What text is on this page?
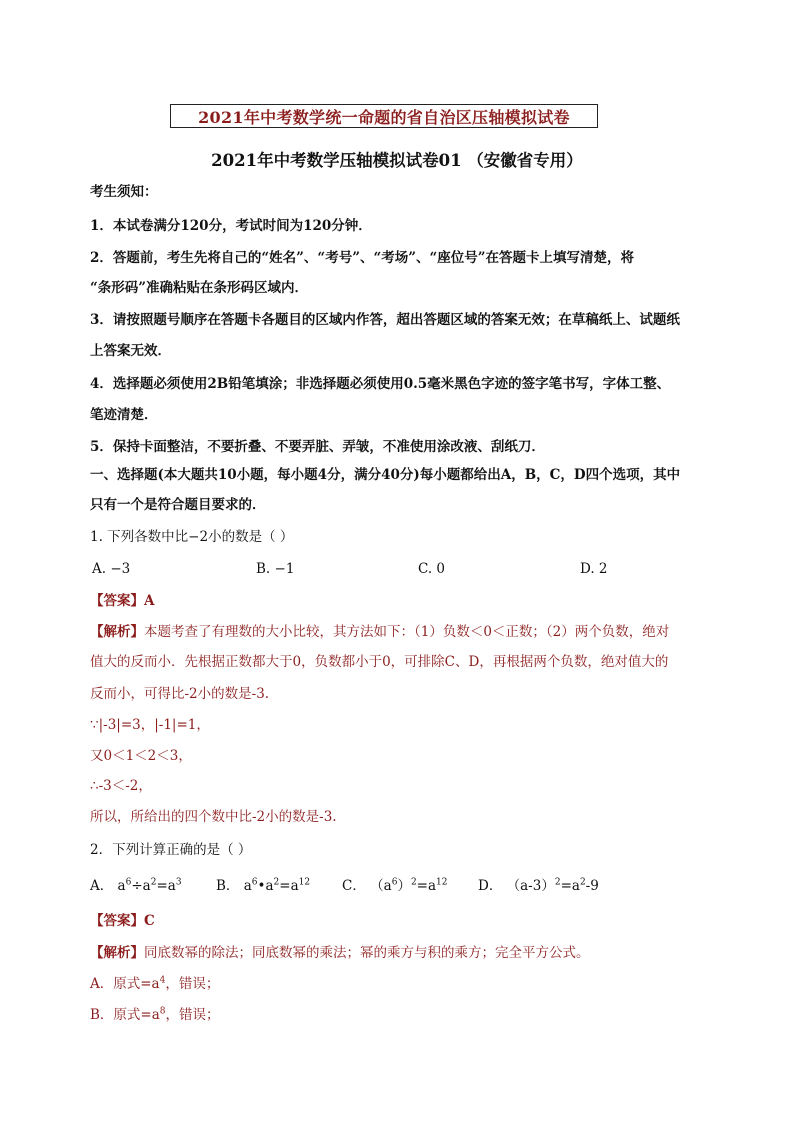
2021年中考数学统一命题的省自治区压轴模拟试卷
2021年中考数学压轴模拟试卷01 （安徽省专用）
考生须知：
1．本试卷满分120分，考试时间为120分钟．
2．答题前，考生先将自己的“姓名”、“考号”、“考场”、“座位号”在答题卡上填写清楚，将
“条形码”准确粘贴在条形码区域内．
3．请按照题号顺序在答题卡各题目的区域内作答，超出答题区域的答案无效；在草稿纸上、试题纸
上答案无效．
4．选择题必须使用2B铅笔填涂；非选择题必须使用0.5毫米黑色字迹的签字笔书写，字体工整、
笔迹清楚．
5．保持卡面整洁，不要折叠、不要弄脏、弄皱，不准使用涂改液、刮纸刀．
一、选择题(本大题共10小题，每小题4分，满分40分)每小题都给出A，B，C，D四个选项，其中
只有一个是符合题目要求的．
1. 下列各数中比−2小的数是（ ）
A. −3	B. −1	C. 0	D. 2
【答案】A
【解析】本题考查了有理数的大小比较，其方法如下：（1）负数＜0＜正数；（2）两个负数，绝对
值大的反而小．先根据正数都大于0，负数都小于0，可排除C、D，再根据两个负数，绝对值大的
反而小，可得比-2小的数是-3.
∵|-3|=3，|-1|=1，
又0＜1＜2＜3，
∴-3＜-2，
所以，所给出的四个数中比-2小的数是-3.
2．下列计算正确的是（ ）
A． $a^6\div a^2=a^3$	B． $a^6•a^2=a^{12}$ C． $(a^6)^2=a^{12}$ D． $(a-3)^2=a^2-9$
【答案】C
【解析】同底数幂的除法；同底数幂的乘法；幂的乘方与积的乘方；完全平方公式。
A．原式$=a^4$，错误；
B．原式$=a^8$，错误；
